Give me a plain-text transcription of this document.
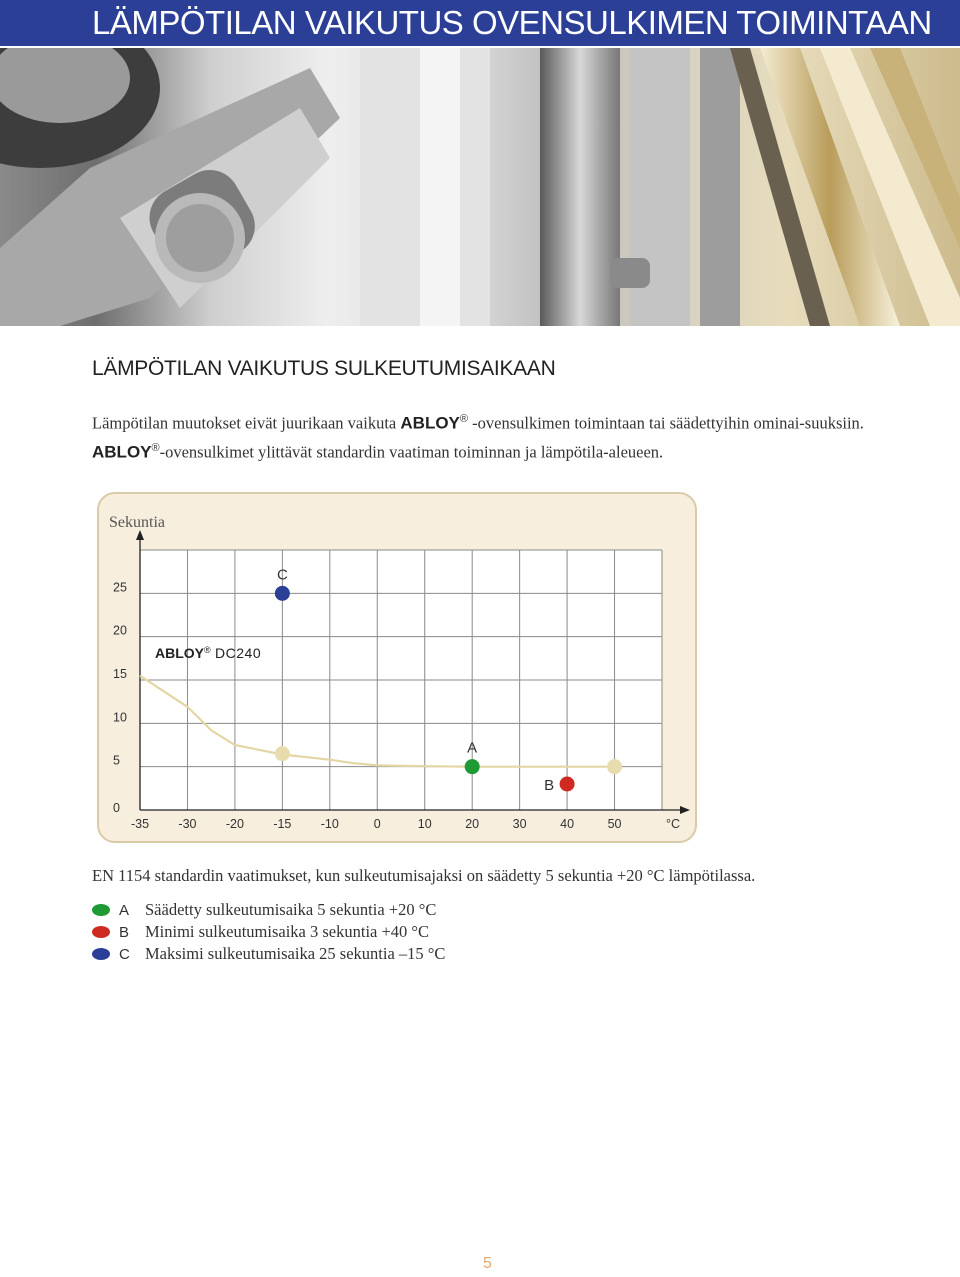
LÄMPÖTILAN VAIKUTUS OVENSULKIMEN TOIMINTAAN
LÄMPÖTILAN VAIKUTUS SULKEUTUMISAIKAAN
Lämpötilan muutokset eivät juurikaan vaikuta ABLOY® -ovensulkimen toimintaan tai säädettyihin ominai-suuksiin. ABLOY®-ovensulkimet ylittävät standardin vaatiman toiminnan ja lämpötila-aleueen.
Sekuntia
0
5
10
15
20
25
-35 -30 -20 -15 -10	0	10	20	30	40	50	°C
ABLOY® DC240
A
B
C
EN 1154 standardin vaatimukset, kun sulkeutumisajaksi on säädetty 5 sekuntia +20 °C lämpötilassa.
A Säädetty sulkeutumisaika 5 sekuntia +20 °C
B Minimi sulkeutumisaika 3 sekuntia +40 °C
C Maksimi sulkeutumisaika 25 sekuntia –15 °C
5
